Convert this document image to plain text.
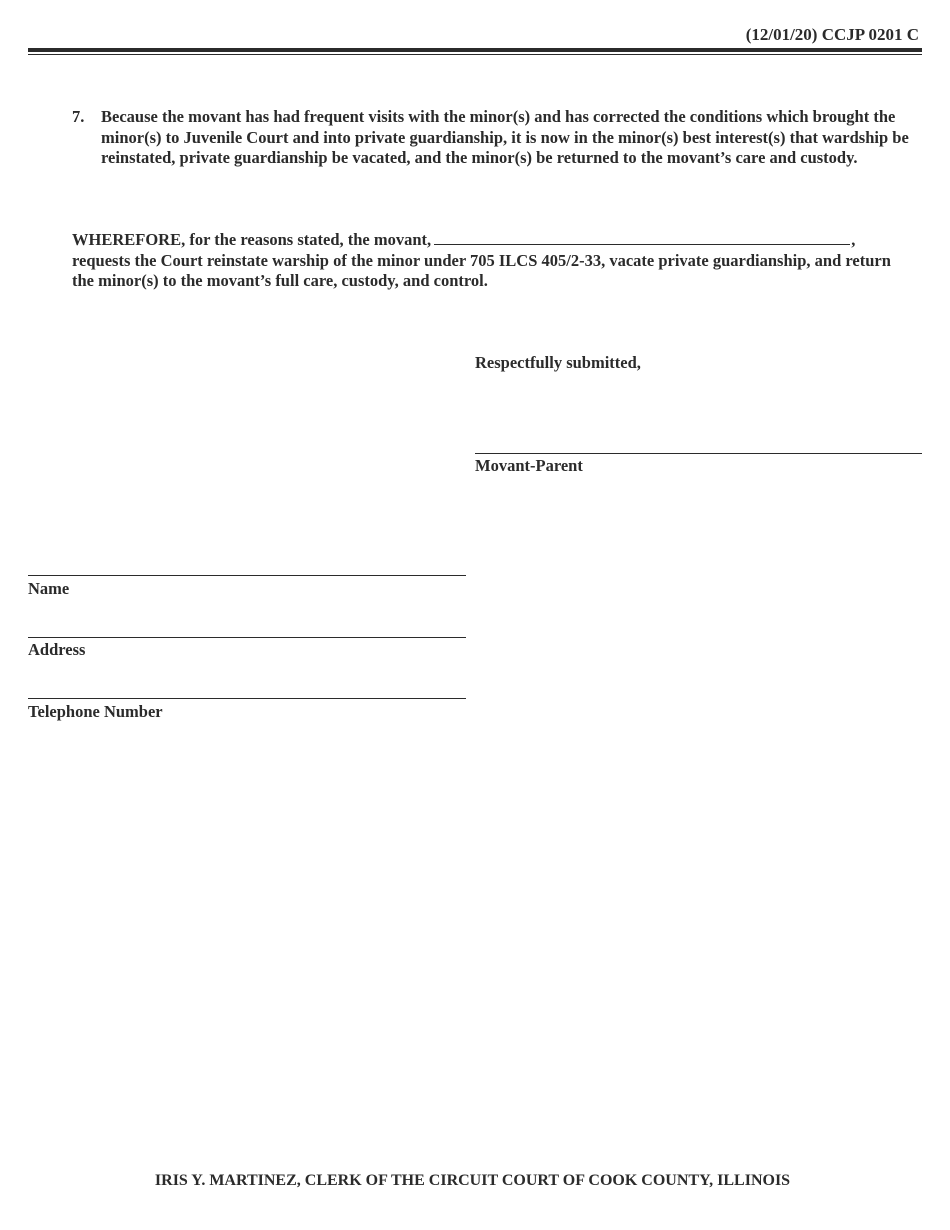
(12/01/20) CCJP 0201 C
7. Because the movant has had frequent visits with the minor(s) and has corrected the conditions which brought the minor(s) to Juvenile Court and into private guardianship, it is now in the minor(s) best interest(s) that wardship be reinstated, private guardianship be vacated, and the minor(s) be returned to the movant’s care and custody.
WHEREFORE, for the reasons stated, the movant,	, requests the Court reinstate warship of the minor under 705 ILCS 405/2-33, vacate private guardianship, and return the minor(s) to the movant’s full care, custody, and control.
Respectfully submitted,
Movant-Parent
Name
Address
Telephone Number
IRIS Y. MARTINEZ, CLERK OF THE CIRCUIT COURT OF COOK COUNTY, ILLINOIS
